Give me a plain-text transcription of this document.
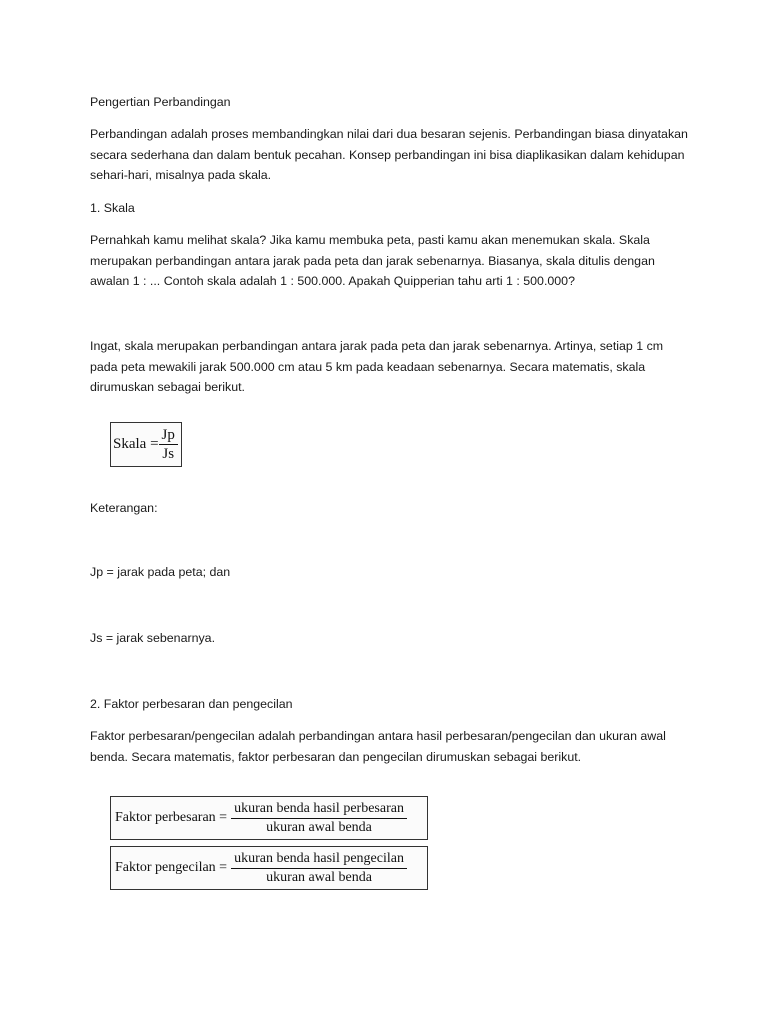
Pengertian Perbandingan

Perbandingan adalah proses membandingkan nilai dari dua besaran sejenis. Perbandingan biasa dinyatakan secara sederhana dan dalam bentuk pecahan. Konsep perbandingan ini bisa diaplikasikan dalam kehidupan sehari-hari, misalnya pada skala.

1. Skala

Pernahkah kamu melihat skala? Jika kamu membuka peta, pasti kamu akan menemukan skala. Skala merupakan perbandingan antara jarak pada peta dan jarak sebenarnya. Biasanya, skala ditulis dengan awalan 1 : ... Contoh skala adalah 1 : 500.000. Apakah Quipperian tahu arti 1 : 500.000?

Ingat, skala merupakan perbandingan antara jarak pada peta dan jarak sebenarnya. Artinya, setiap 1 cm pada peta mewakili jarak 500.000 cm atau 5 km pada keadaan sebenarnya. Secara matematis, skala dirumuskan sebagai berikut.

Skala = $\frac{Jp}{Js}$

Keterangan:

Jp = jarak pada peta; dan

Js = jarak sebenarnya.

2. Faktor perbesaran dan pengecilan

Faktor perbesaran/pengecilan adalah perbandingan antara hasil perbesaran/pengecilan dan ukuran awal benda. Secara matematis, faktor perbesaran dan pengecilan dirumuskan sebagai berikut.

Faktor perbesaran = $\frac{\text{ukuran benda hasil perbesaran}}{\text{ukuran awal benda}}$
Faktor pengecilan = $\frac{\text{ukuran benda hasil pengecilan}}{\text{ukuran awal benda}}$
